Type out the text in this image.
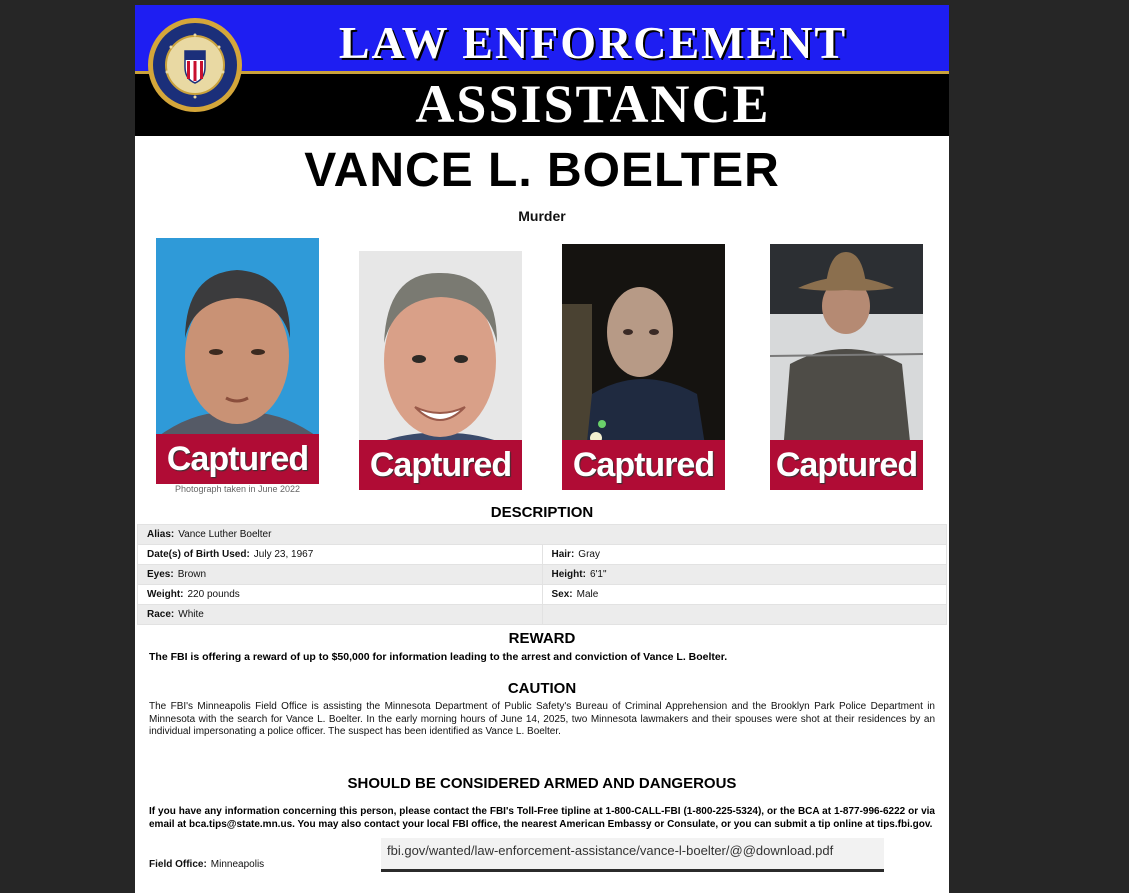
LAW ENFORCEMENT
ASSISTANCE
VANCE L. BOELTER
Murder
Captured
Photograph taken in June 2022
Captured	Captured	Captured
DESCRIPTION
Alias: Vance Luther Boelter	
Date(s) of Birth Used: July 23, 1967	Hair: Gray
Eyes: Brown	Height: 6'1"
Weight: 220 pounds	Sex: Male
Race: White	
REWARD
The FBI is offering a reward of up to $50,000 for information leading to the arrest and conviction of Vance L. Boelter.
CAUTION
The FBI's Minneapolis Field Office is assisting the Minnesota Department of Public Safety's Bureau of Criminal Apprehension and the Brooklyn Park Police Department in Minnesota with the search for Vance L. Boelter. In the early morning hours of June 14, 2025, two Minnesota lawmakers and their spouses were shot at their residences by an individual impersonating a police officer. The suspect has been identified as Vance L. Boelter.
SHOULD BE CONSIDERED ARMED AND DANGEROUS
If you have any information concerning this person, please contact the FBI's Toll-Free tipline at 1-800-CALL-FBI (1-800-225-5324), or the BCA at 1-877-996-6222 or via email at bca.tips@state.mn.us. You may also contact your local FBI office, the nearest American Embassy or Consulate, or you can submit a tip online at tips.fbi.gov.
Field Office: Minneapolis
fbi.gov/wanted/law-enforcement-assistance/vance-l-boelter/@@download.pdf
